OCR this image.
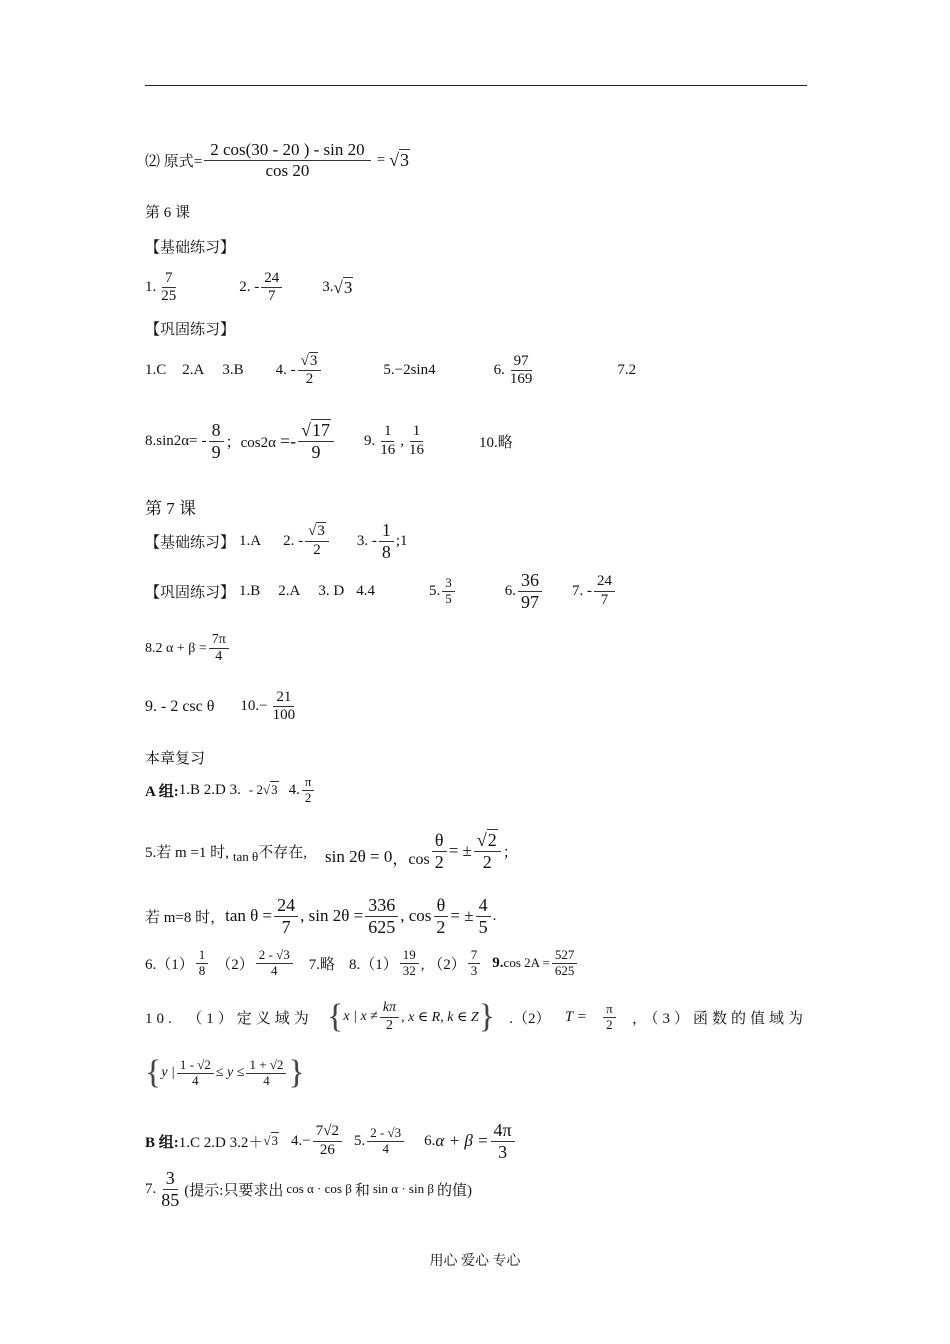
⑵ 原式= $\frac{2 \cos(30 - 20 ) - \sin 20}{\cos 20} = √3$
第 6 课
【基础练习】
1. $\frac{7}{25}$	2. - $\frac{24}{7}$	3. √3
【巩固练习】
1.C 2.A 3.B 4. - $\frac{√3}{2}$	5.−2sin4	6. $\frac{97}{169}$	7.2
$8.\sin 2\alpha= - \frac{8}{9}$ ；$\cos 2\alpha =- \frac{√17}{9} 9$. $\frac{1}{16}$ , $\frac{1}{16}$	10.略
第 7 课
【基础练习】 1.A 2. - $\frac{√3}{2} 3$. - $\frac{1}{8}$ ;1
【巩固练习】 1.B 2.A 3. D 4.4	5. $\frac{3}{5}$	6. $\frac{36}{97} 7$. - $\frac{24}{7}$
8.2 $\alpha + \beta = \frac{7\pi}{4}$
9. - 2 csc θ $10.- \frac{21}{100}$
本章复习
A 组: 1.B 2.D 3. - 2 √3 4. $\frac{\pi}{2}$
5.若 m =1 时, tan θ 不存在, sin 2θ = 0 ，$\cos \frac{\theta}{2}$ = ± $\frac{√2}{2}$ ；
若 m=8 时， $\tan \theta = \frac{24}{7}$ , $\sin 2\theta = \frac{336}{625}$ , $\cos \frac{\theta}{2}$ = ± $\frac{4}{5}$ .
$6.(1) \frac{1}{8} (2) \frac{2 - √3}{4} 7$.略 $8.(1) \frac{19}{32}$ , $(2) \frac{7}{3} 9$. $\cos 2A = \frac{527}{625}$
10.　（1）定义域为 { x | $x \ne \frac{k\pi}{2}$ , x ∈ R, k ∈ Z } .（2） $T = \frac{\pi}{2}$ ，（3）函数的值域为
{ y | $\frac{1 - √2}{4} \le y \le \frac{1 + √2}{4}$ }
B 组: 1.C 2.D 3.2＋ √3 $4.- \frac{7√2}{26} 5$. $\frac{2 - √3}{4} 6$. $\alpha + \beta = \frac{4\pi}{3}$
7. $\frac{3}{85}$ (提示:只要求出 cos α · cos β 和 sin α · sin β 的值)
用心 爱心 专心
